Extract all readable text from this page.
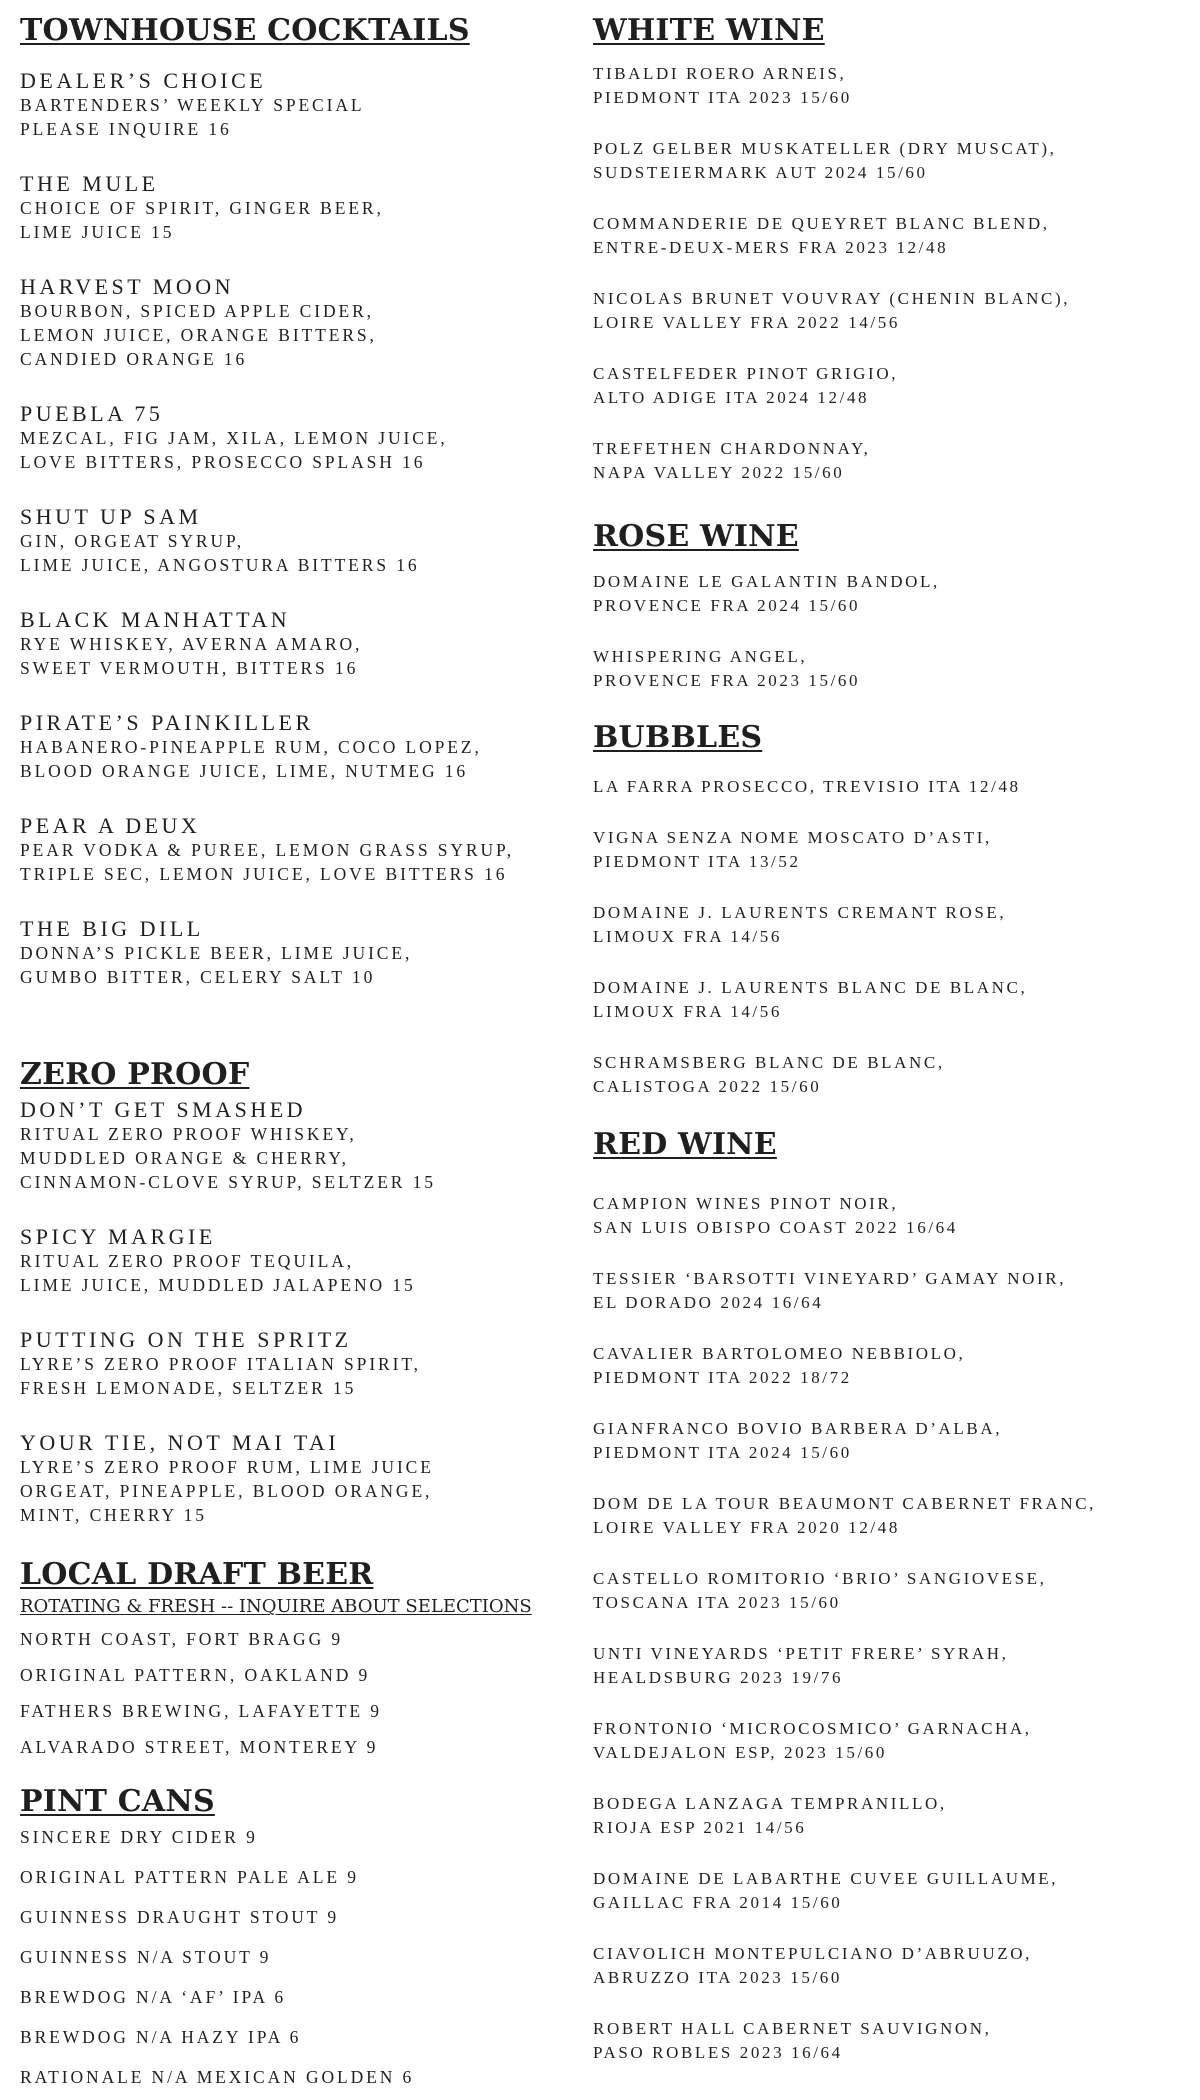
TOWNHOUSE COCKTAILS
DEALER’S CHOICE
BARTENDERS’ WEEKLY SPECIAL
PLEASE INQUIRE 16
THE MULE
CHOICE OF SPIRIT, GINGER BEER,
LIME JUICE 15
HARVEST MOON
BOURBON, SPICED APPLE CIDER,
LEMON JUICE, ORANGE BITTERS,
CANDIED ORANGE 16
PUEBLA 75
MEZCAL, FIG JAM, XILA, LEMON JUICE,
LOVE BITTERS, PROSECCO SPLASH 16
SHUT UP SAM
GIN, ORGEAT SYRUP,
LIME JUICE, ANGOSTURA BITTERS 16
BLACK MANHATTAN
RYE WHISKEY, AVERNA AMARO,
SWEET VERMOUTH, BITTERS 16
PIRATE’S PAINKILLER
HABANERO-PINEAPPLE RUM, COCO LOPEZ,
BLOOD ORANGE JUICE, LIME, NUTMEG 16
PEAR A DEUX
PEAR VODKA & PUREE, LEMON GRASS SYRUP,
TRIPLE SEC, LEMON JUICE, LOVE BITTERS 16
THE BIG DILL
DONNA’S PICKLE BEER, LIME JUICE,
GUMBO BITTER, CELERY SALT 10
ZERO PROOF
DON’T GET SMASHED
RITUAL ZERO PROOF WHISKEY,
MUDDLED ORANGE & CHERRY,
CINNAMON-CLOVE SYRUP, SELTZER 15
SPICY MARGIE
RITUAL ZERO PROOF TEQUILA,
LIME JUICE, MUDDLED JALAPENO 15
PUTTING ON THE SPRITZ
LYRE’S ZERO PROOF ITALIAN SPIRIT,
FRESH LEMONADE, SELTZER 15
YOUR TIE, NOT MAI TAI
LYRE’S ZERO PROOF RUM, LIME JUICE
ORGEAT, PINEAPPLE, BLOOD ORANGE,
MINT, CHERRY 15
LOCAL DRAFT BEER
ROTATING & FRESH -- INQUIRE ABOUT SELECTIONS
NORTH COAST, FORT BRAGG 9
ORIGINAL PATTERN, OAKLAND 9
FATHERS BREWING, LAFAYETTE 9
ALVARADO STREET, MONTEREY 9
PINT CANS
SINCERE DRY CIDER 9
ORIGINAL PATTERN PALE ALE 9
GUINNESS DRAUGHT STOUT 9
GUINNESS N/A STOUT 9
BREWDOG N/A ‘AF’ IPA 6
BREWDOG N/A HAZY IPA 6
RATIONALE N/A MEXICAN GOLDEN 6
WHITE WINE
TIBALDI ROERO ARNEIS,
PIEDMONT ITA 2023 15/60
POLZ GELBER MUSKATELLER (DRY MUSCAT),
SUDSTEIERMARK AUT 2024 15/60
COMMANDERIE DE QUEYRET BLANC BLEND,
ENTRE-DEUX-MERS FRA 2023 12/48
NICOLAS BRUNET VOUVRAY (CHENIN BLANC),
LOIRE VALLEY FRA 2022 14/56
CASTELFEDER PINOT GRIGIO,
ALTO ADIGE ITA 2024 12/48
TREFETHEN CHARDONNAY,
NAPA VALLEY 2022 15/60
ROSE WINE
DOMAINE LE GALANTIN BANDOL,
PROVENCE FRA 2024 15/60
WHISPERING ANGEL,
PROVENCE FRA 2023 15/60
BUBBLES
LA FARRA PROSECCO, TREVISIO ITA 12/48
VIGNA SENZA NOME MOSCATO D’ASTI,
PIEDMONT ITA 13/52
DOMAINE J. LAURENTS CREMANT ROSE,
LIMOUX FRA 14/56
DOMAINE J. LAURENTS BLANC DE BLANC,
LIMOUX FRA 14/56
SCHRAMSBERG BLANC DE BLANC,
CALISTOGA 2022 15/60
RED WINE
CAMPION WINES PINOT NOIR,
SAN LUIS OBISPO COAST 2022 16/64
TESSIER ‘BARSOTTI VINEYARD’ GAMAY NOIR,
EL DORADO 2024 16/64
CAVALIER BARTOLOMEO NEBBIOLO,
PIEDMONT ITA 2022 18/72
GIANFRANCO BOVIO BARBERA D’ALBA,
PIEDMONT ITA 2024 15/60
DOM DE LA TOUR BEAUMONT CABERNET FRANC,
LOIRE VALLEY FRA 2020 12/48
CASTELLO ROMITORIO ‘BRIO’ SANGIOVESE,
TOSCANA ITA 2023 15/60
UNTI VINEYARDS ‘PETIT FRERE’ SYRAH,
HEALDSBURG 2023 19/76
FRONTONIO ‘MICROCOSMICO’ GARNACHA,
VALDEJALON ESP, 2023 15/60
BODEGA LANZAGA TEMPRANILLO,
RIOJA ESP 2021 14/56
DOMAINE DE LABARTHE CUVEE GUILLAUME,
GAILLAC FRA 2014 15/60
CIAVOLICH MONTEPULCIANO D’ABRUUZO,
ABRUZZO ITA 2023 15/60
ROBERT HALL CABERNET SAUVIGNON,
PASO ROBLES 2023 16/64
